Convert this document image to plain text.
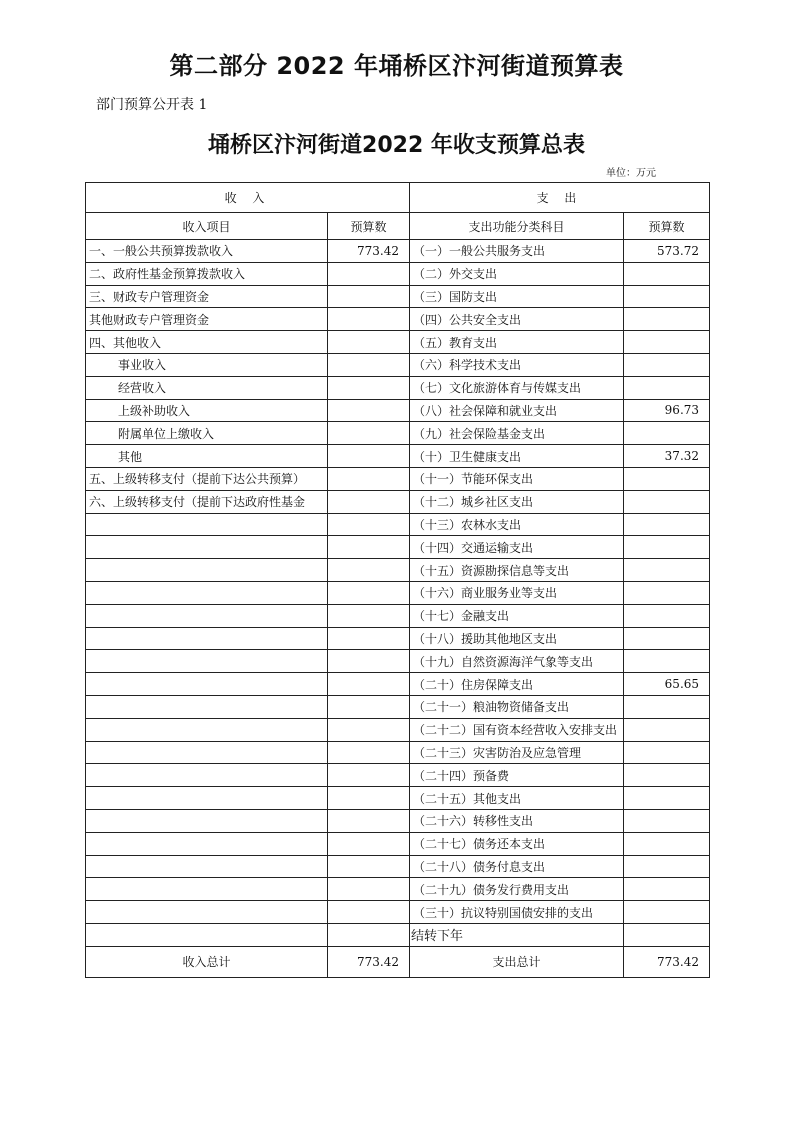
第二部分 2022 年埇桥区汴河街道预算表
部门预算公开表 1
埇桥区汴河街道2022 年收支预算总表
单位：万元
收 入		支 出	
收入项目	预算数	支出功能分类科目	预算数
一、一般公共预算拨款收入	773.42	（一）一般公共服务支出	573.72
二、政府性基金预算拨款收入		（二）外交支出	
三、财政专户管理资金		（三）国防支出	
其他财政专户管理资金		（四）公共安全支出	
四、其他收入		（五）教育支出	
事业收入		（六）科学技术支出	
经营收入		（七）文化旅游体育与传媒支出	
上级补助收入		（八）社会保障和就业支出	96.73
附属单位上缴收入		（九）社会保险基金支出	
其他		（十）卫生健康支出	37.32
五、上级转移支付（提前下达公共预算）		（十一）节能环保支出	
六、上级转移支付（提前下达政府性基金		（十二）城乡社区支出	
		（十三）农林水支出	
		（十四）交通运输支出	
		（十五）资源勘探信息等支出	
		（十六）商业服务业等支出	
		（十七）金融支出	
		（十八）援助其他地区支出	
		（十九）自然资源海洋气象等支出	
		（二十）住房保障支出	65.65
		（二十一）粮油物资储备支出	
		（二十二）国有资本经营收入安排支出	
		（二十三）灾害防治及应急管理	
		（二十四）预备费	
		（二十五）其他支出	
		（二十六）转移性支出	
		（二十七）债务还本支出	
		（二十八）债务付息支出	
		（二十九）债务发行费用支出	
		（三十）抗议特别国债安排的支出	
		结转下年	
收入总计	773.42	支出总计	773.42
